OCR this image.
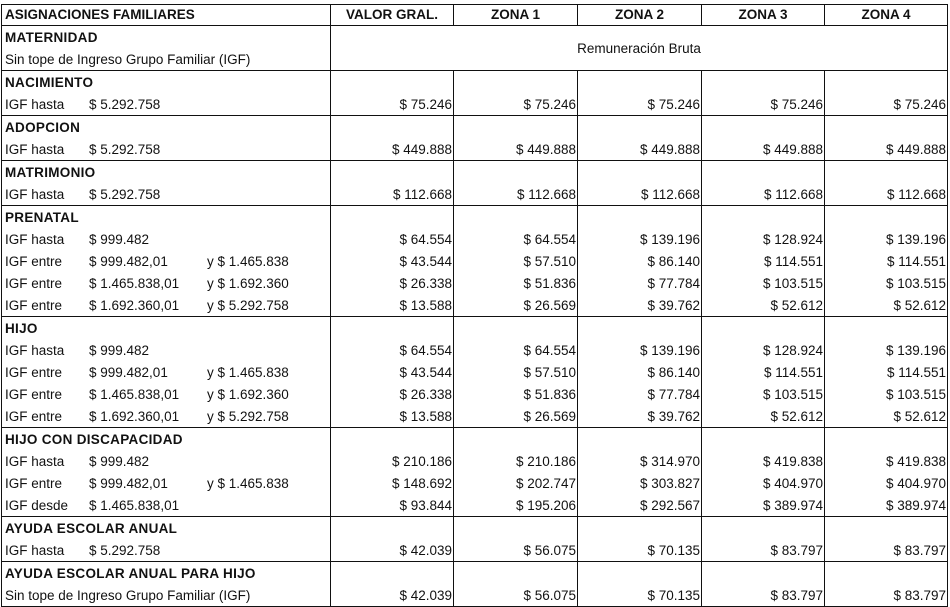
ASIGNACIONES FAMILIARES	VALOR GRAL.	ZONA 1	ZONA 2	ZONA 3	ZONA 4
MATERNIDAD	Remuneración Bruta				
Sin tope de Ingreso Grupo Familiar (IGF)					
NACIMIENTO					
IGF hasta $ 5.292.758	$ 75.246	$ 75.246	$ 75.246	$ 75.246	$ 75.246
ADOPCION					
IGF hasta $ 5.292.758	$ 449.888	$ 449.888	$ 449.888	$ 449.888	$ 449.888
MATRIMONIO					
IGF hasta $ 5.292.758	$ 112.668	$ 112.668	$ 112.668	$ 112.668	$ 112.668
PRENATAL					
IGF hasta $ 999.482	$ 64.554	$ 64.554	$ 139.196	$ 128.924	$ 139.196
IGF entre $ 999.482,01 y $ 1.465.838	$ 43.544	$ 57.510	$ 86.140	$ 114.551	$ 114.551
IGF entre $ 1.465.838,01 y $ 1.692.360	$ 26.338	$ 51.836	$ 77.784	$ 103.515	$ 103.515
IGF entre $ 1.692.360,01 y $ 5.292.758	$ 13.588	$ 26.569	$ 39.762	$ 52.612	$ 52.612
HIJO					
IGF hasta $ 999.482	$ 64.554	$ 64.554	$ 139.196	$ 128.924	$ 139.196
IGF entre $ 999.482,01 y $ 1.465.838	$ 43.544	$ 57.510	$ 86.140	$ 114.551	$ 114.551
IGF entre $ 1.465.838,01 y $ 1.692.360	$ 26.338	$ 51.836	$ 77.784	$ 103.515	$ 103.515
IGF entre $ 1.692.360,01 y $ 5.292.758	$ 13.588	$ 26.569	$ 39.762	$ 52.612	$ 52.612
HIJO CON DISCAPACIDAD					
IGF hasta $ 999.482	$ 210.186	$ 210.186	$ 314.970	$ 419.838	$ 419.838
IGF entre $ 999.482,01 y $ 1.465.838	$ 148.692	$ 202.747	$ 303.827	$ 404.970	$ 404.970
IGF desde $ 1.465.838,01	$ 93.844	$ 195.206	$ 292.567	$ 389.974	$ 389.974
AYUDA ESCOLAR ANUAL					
IGF hasta $ 5.292.758	$ 42.039	$ 56.075	$ 70.135	$ 83.797	$ 83.797
AYUDA ESCOLAR ANUAL PARA HIJO					
Sin tope de Ingreso Grupo Familiar (IGF)	$ 42.039	$ 56.075	$ 70.135	$ 83.797	$ 83.797
